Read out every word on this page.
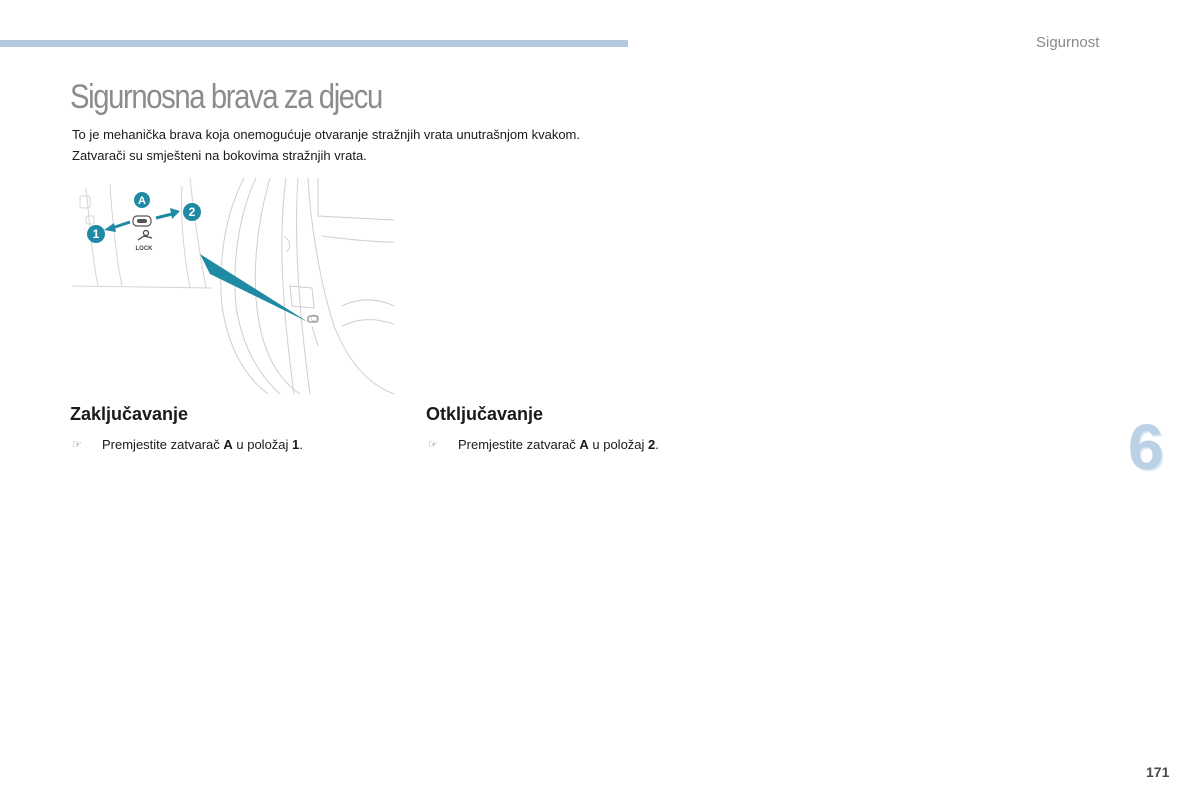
Sigurnost
Sigurnosna brava za djecu

To je mehanička brava koja onemogućuje otvaranje stražnjih vrata unutrašnjom kvakom.
Zatvarači su smješteni na bokovima stražnjih vrata.

A
LOCK
1
2
Zaključavanje
☞	Premjestite zatvarač A u položaj 1.
Otključavanje
☞	Premjestite zatvarač A u položaj 2.	6
171
